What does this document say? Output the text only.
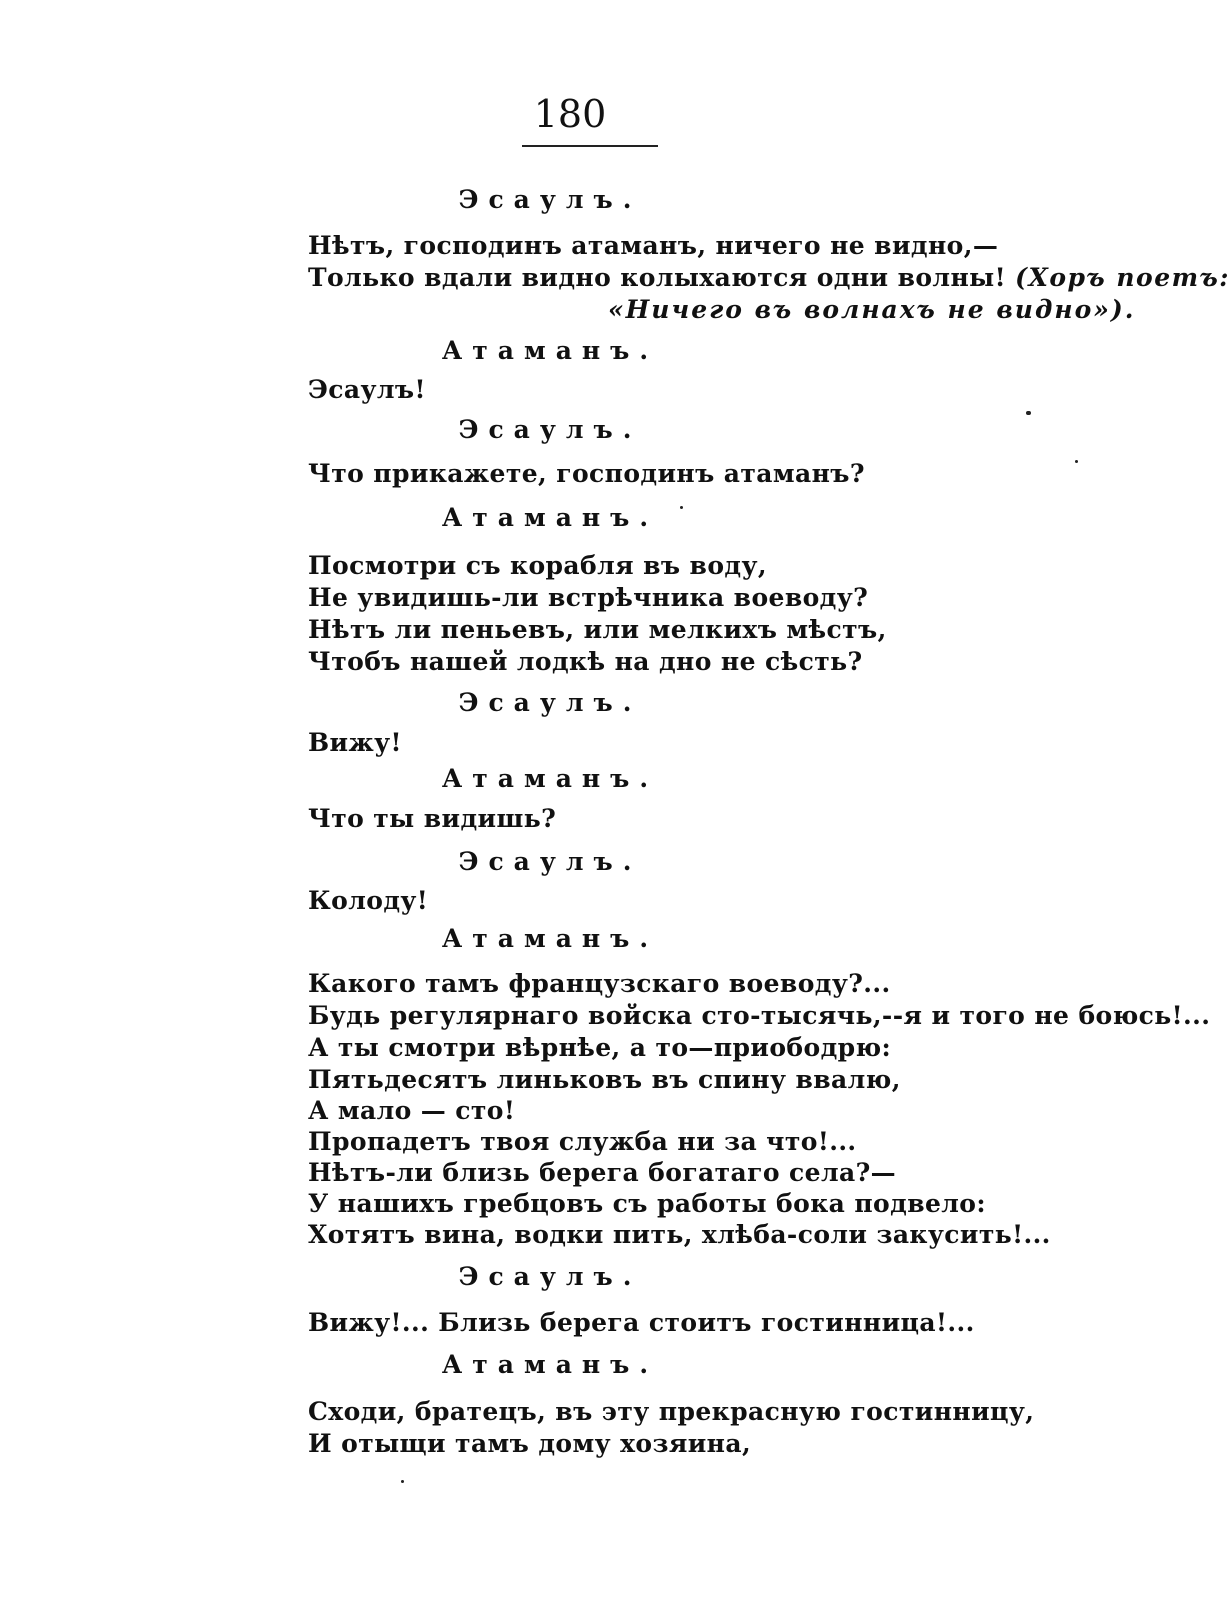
180
Эсаулъ.
Нѣтъ, господинъ атаманъ, ничего не видно,—
Только вдали видно колыхаются одни волны! (Хоръ поетъ:
«Ничего въ волнахъ не видно»).
Атаманъ.
Эсаулъ!
Эсаулъ.
Что прикажете, господинъ атаманъ?
Атаманъ.
Посмотри съ корабля въ воду,
Не увидишь-ли встрѣчника воеводу?
Нѣтъ ли пеньевъ, или мелкихъ мѣстъ,
Чтобъ нашей лодкѣ на дно не сѣсть?
Эсаулъ.
Вижу!
Атаманъ.
Что ты видишь?
Эсаулъ.
Колоду!
Атаманъ.
Какого тамъ французскаго воеводу?...
Будь регулярнаго войска сто-тысячь,--я и того не боюсь!...
А ты смотри вѣрнѣе, а то—приободрю:
Пятьдесятъ линьковъ въ спину ввалю,
А мало — сто!
Пропадетъ твоя служба ни за что!...
Нѣтъ-ли близь берега богатаго села?—
У нашихъ гребцовъ съ работы бока подвело:
Хотятъ вина, водки пить, хлѣба-соли закусить!...
Эсаулъ.
Вижу!... Близь берега стоитъ гостинница!...
Атаманъ.
Сходи, братецъ, въ эту прекрасную гостинницу,
И отыщи тамъ дому хозяина,
